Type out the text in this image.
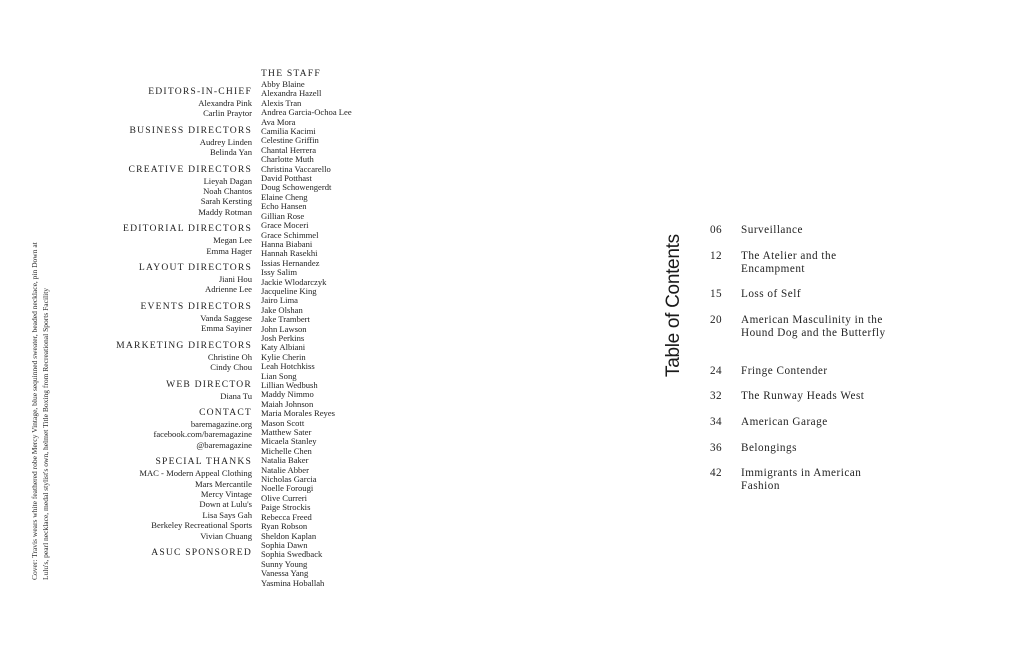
Cover: Travis wears white feathered robe Mercy Vintage, blue sequinned sweater, beaded necklace, pin Down at Lulu's, pearl necklace, medal stylist's own, helmet Title Boxing from Recreational Sports Facility
EDITORS-IN-CHIEF
Alexandra Pink
Carlin Praytor
BUSINESS DIRECTORS
Audrey Linden
Belinda Yan
CREATIVE DIRECTORS
Lieyah Dagan
Noah Chantos
Sarah Kersting
Maddy Rotman
EDITORIAL DIRECTORS
Megan Lee
Emma Hager
LAYOUT DIRECTORS
Jiani Hou
Adrienne Lee
EVENTS DIRECTORS
Vanda Saggese
Emma Sayiner
MARKETING DIRECTORS
Christine Oh
Cindy Chou
WEB DIRECTOR
Diana Tu
CONTACT
baremagazine.org
facebook.com/baremagazine
@baremagazine
SPECIAL THANKS
MAC - Modern Appeal Clothing
Mars Mercantile
Mercy Vintage
Down at Lulu's
Lisa Says Gah
Berkeley Recreational Sports
Vivian Chuang
ASUC SPONSORED
THE STAFF
Abby Blaine
Alexandra Hazell
Alexis Tran
Andrea Garcia-Ochoa Lee
Ava Mora
Camilia Kacimi
Celestine Griffin
Chantal Herrera
Charlotte Muth
Christina Vaccarello
David Potthast
Doug Schowengerdt
Elaine Cheng
Echo Hansen
Gillian Rose
Grace Moceri
Grace Schimmel
Hanna Biabani
Hannah Rasekhi
Issias Hernandez
Issy Salim
Jackie Wlodarczyk
Jacqueline King
Jairo Lima
Jake Olshan
Jake Trambert
John Lawson
Josh Perkins
Katy Albiani
Kylie Cherin
Leah Hotchkiss
Lian Song
Lillian Wedbush
Maddy Nimmo
Maiah Johnson
Maria Morales Reyes
Mason Scott
Matthew Sater
Micaela Stanley
Michelle Chen
Natalia Baker
Natalie Abber
Nicholas Garcia
Noelle Forougi
Olive Curreri
Paige Strockis
Rebecca Freed
Ryan Robson
Sheldon Kaplan
Sophia Dawn
Sophia Swedback
Sunny Young
Vanessa Yang
Yasmina Hoballah
Table of Contents
06	Surveillance
12	The Atelier and the Encampment
15	Loss of Self
20	American Masculinity in the Hound Dog and the Butterfly
24	Fringe Contender
32	The Runway Heads West
34	American Garage
36	Belongings
42	Immigrants in American Fashion
